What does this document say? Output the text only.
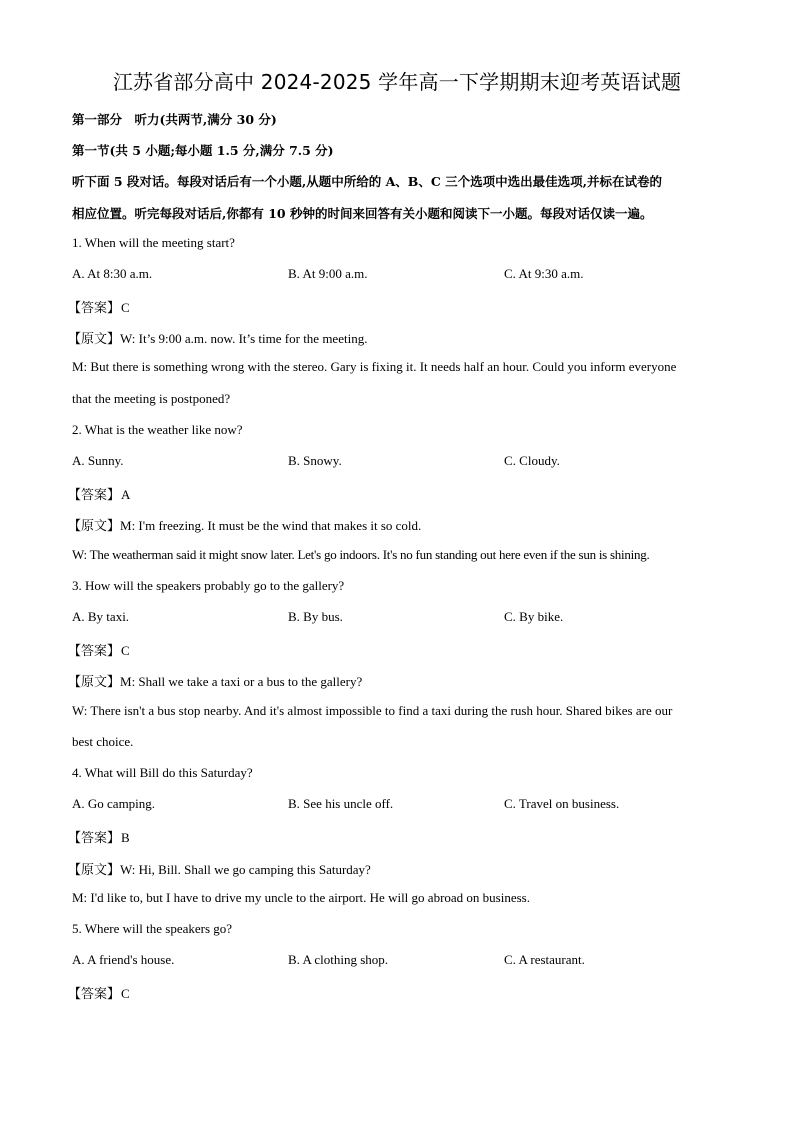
江苏省部分高中 2024-2025 学年高一下学期期末迎考英语试题
第一部分　听力(共两节,满分 30 分)
第一节(共 5 小题;每小题 1.5 分,满分 7.5 分)
听下面 5 段对话。每段对话后有一个小题,从题中所给的 A、B、C 三个选项中选出最佳选项,并标在试卷的
相应位置。听完每段对话后,你都有 10 秒钟的时间来回答有关小题和阅读下一小题。每段对话仅读一遍。
1. When will the meeting start?
A. At 8:30 a.m.	B. At 9:00 a.m.	C. At 9:30 a.m.
【答案】C
【原文】W: It’s 9:00 a.m. now. It’s time for the meeting.
M: But there is something wrong with the stereo. Gary is fixing it. It needs half an hour. Could you inform everyone
that the meeting is postponed?
2. What is the weather like now?
A. Sunny.	B. Snowy.	C. Cloudy.
【答案】A
【原文】M: I'm freezing. It must be the wind that makes it so cold.
W: The weatherman said it might snow later. Let's go indoors. It's no fun standing out here even if the sun is shining.
3. How will the speakers probably go to the gallery?
A. By taxi.	B. By bus.	C. By bike.
【答案】C
【原文】M: Shall we take a taxi or a bus to the gallery?
W: There isn't a bus stop nearby. And it's almost impossible to find a taxi during the rush hour. Shared bikes are our
best choice.
4. What will Bill do this Saturday?
A. Go camping.	B. See his uncle off.	C. Travel on business.
【答案】B
【原文】W: Hi, Bill. Shall we go camping this Saturday?
M: I'd like to, but I have to drive my uncle to the airport. He will go abroad on business.
5. Where will the speakers go?
A. A friend's house.	B. A clothing shop.	C. A restaurant.
【答案】C
